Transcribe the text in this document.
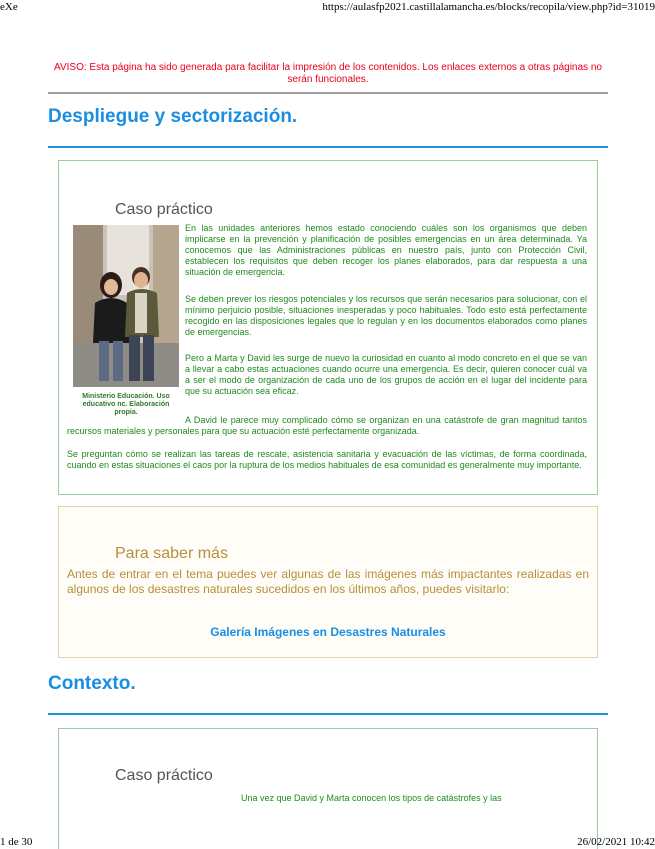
eXe	https://aulasfp2021.castillalamancha.es/blocks/recopila/view.php?id=31019
AVISO: Esta página ha sido generada para facilitar la impresión de los contenidos. Los enlaces externos a otras páginas no serán funcionales.
Despliegue y sectorización.
Caso práctico
Ministerio Educación. Uso educativo nc. Elaboración propia.

En las unidades anteriores hemos estado conociendo cuáles son los organismos que deben implicarse en la prevención y planificación de posibles emergencias en un área determinada. Ya conocemos que las Administraciones públicas en nuestro país, junto con Protección Civil, establecen los requisitos que deben recoger los planes elaborados, para dar respuesta a una situación de emergencia.

Se deben prever los riesgos potenciales y los recursos que serán necesarios para solucionar, con el mínimo perjuicio posible, situaciones inesperadas y poco habituales. Todo esto está perfectamente recogido en las disposiciones legales que lo regulan y en los documentos elaborados como planes de emergencias.

Pero a Marta y David les surge de nuevo la curiosidad en cuanto al modo concreto en el que se van a llevar a cabo estas actuaciones cuando ocurre una emergencia. Es decir, quieren conocer cuál va a ser el modo de organización de cada uno de los grupos de acción en el lugar del incidente para que su actuación sea eficaz.

A David le parece muy complicado cómo se organizan en una catástrofe de gran magnitud tantos recursos materiales y personales para que su actuación esté perfectamente organizada.

Se preguntan cómo se realizan las tareas de rescate, asistencia sanitaria y evacuación de las víctimas, de forma coordinada, cuando en estas situaciones el caos por la ruptura de los medios habituales de esa comunidad es generalmente muy importante.

Para saber más

Antes de entrar en el tema puedes ver algunas de las imágenes más impactantes realizadas en algunos de los desastres naturales sucedidos en los últimos años, puedes visitarlo:

Galería Imágenes en Desastres Naturales
Contexto.
Caso práctico

Una vez que David y Marta conocen los tipos de catástrofes y las

1 de 30	26/02/2021 10:42
